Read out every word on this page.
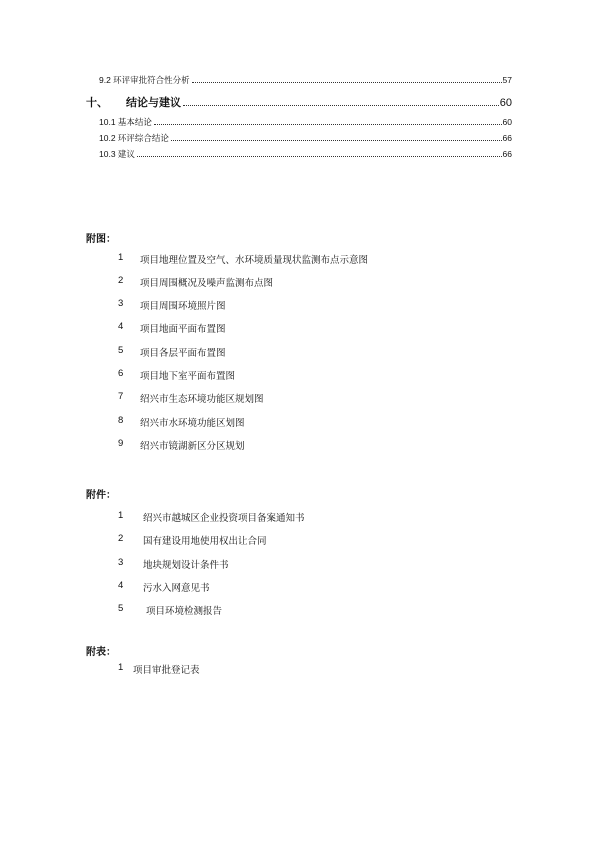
9.2 环评审批符合性分析	57
十、 结论与建议	60
10.1 基本结论	60
10.2 环评综合结论	66
10.3 建议	66
附图：
1	项目地理位置及空气、水环境质量现状监测布点示意图
2	项目周围概况及噪声监测布点图
3	项目周围环境照片图
4	项目地面平面布置图
5	项目各层平面布置图
6	项目地下室平面布置图
7	绍兴市生态环境功能区规划图
8	绍兴市水环境功能区划图
9	绍兴市镜湖新区分区规划
附件：
1	绍兴市越城区企业投资项目备案通知书
2	国有建设用地使用权出让合同
3	地块规划设计条件书
4	污水入网意见书
5	项目环境检测报告
附表：
1	项目审批登记表
